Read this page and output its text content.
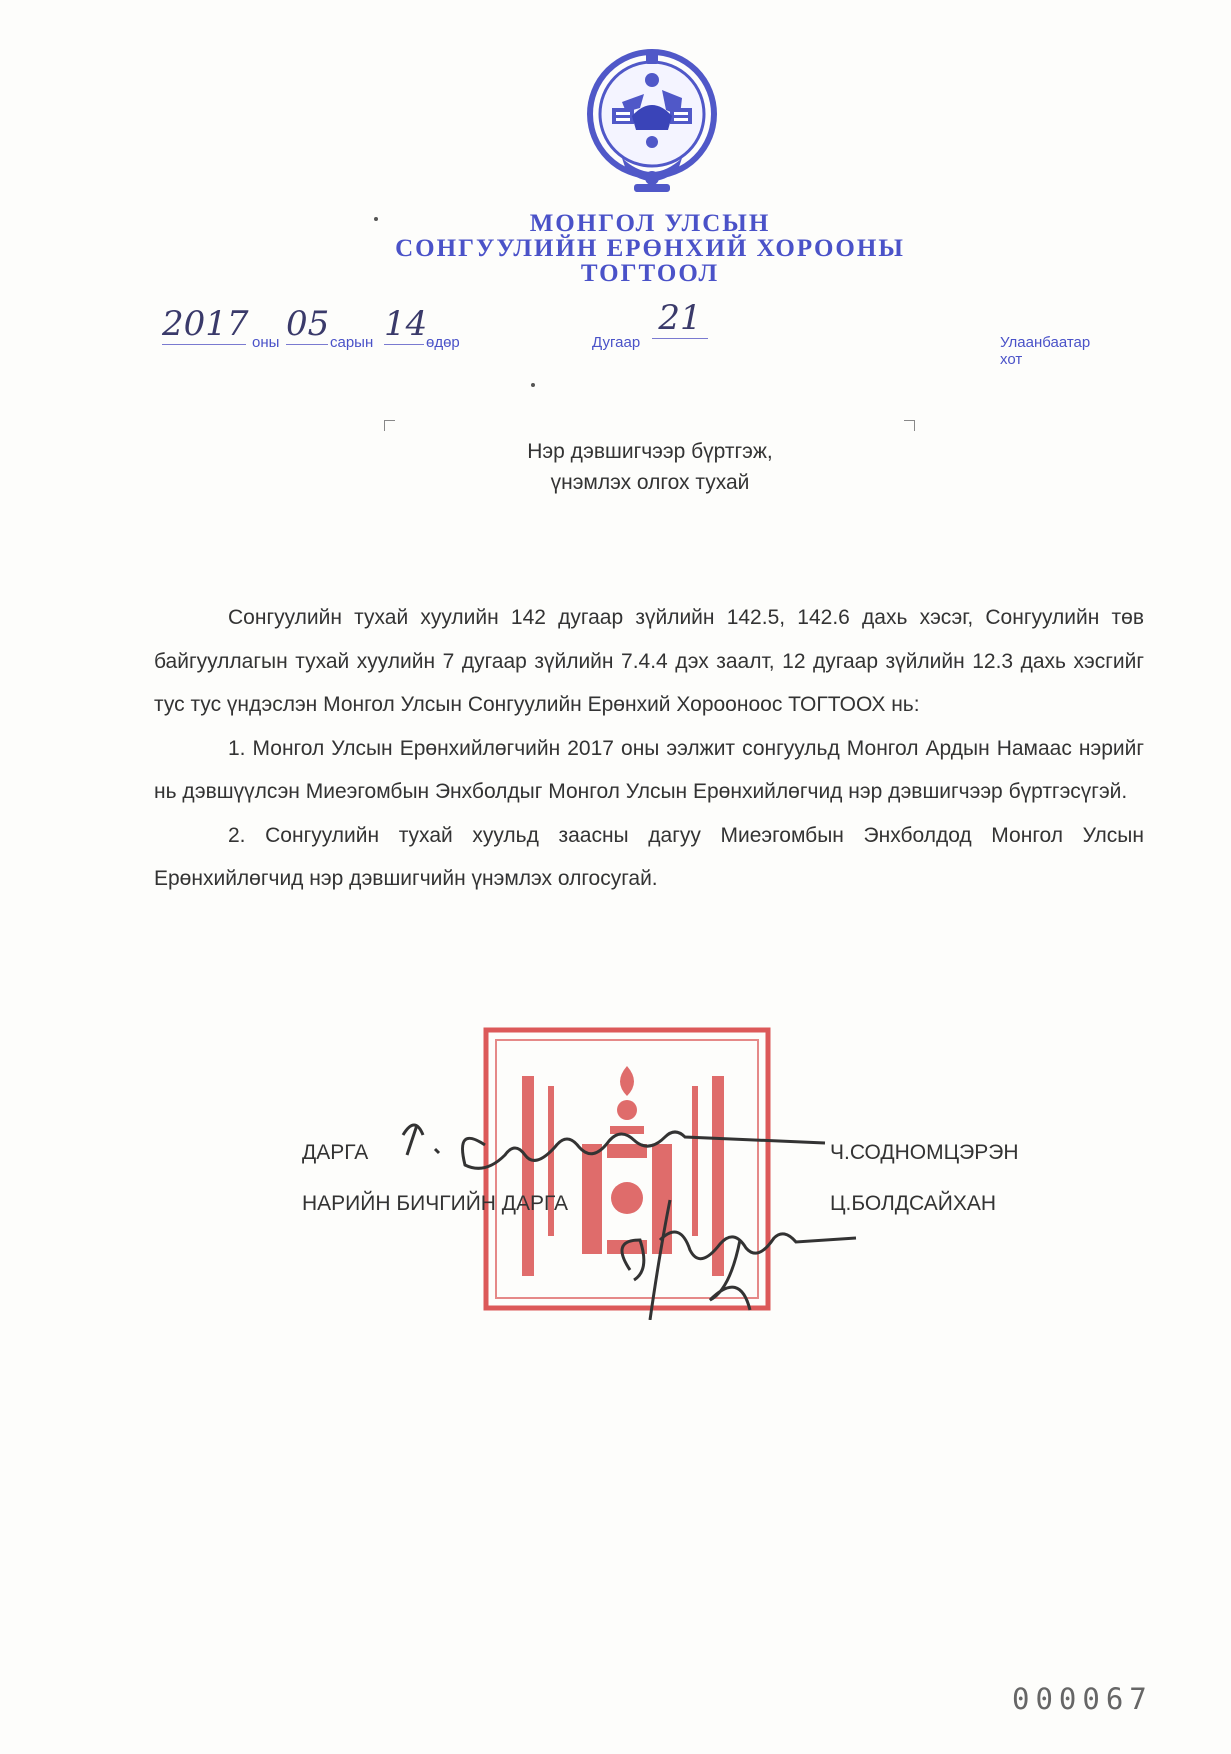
МОНГОЛ УЛСЫН
СОНГУУЛИЙН ЕРӨНХИЙ ХОРООНЫ
ТОГТООЛ
2017 оны 05 сарын 14
өдөр	Дугаар
21
Улаанбаатар хот
Нэр дэвшигчээр бүртгэж,
үнэмлэх олгох тухай

Сонгуулийн тухай хуулийн 142 дугаар зүйлийн 142.5, 142.6 дахь хэсэг, Сонгуулийн төв байгууллагын тухай хуулийн 7 дугаар зүйлийн 7.4.4 дэх заалт, 12 дугаар зүйлийн 12.3 дахь хэсгийг тус тус үндэслэн Монгол Улсын Сонгуулийн Ерөнхий Хорооноос ТОГТООХ нь:

1. Монгол Улсын Ерөнхийлөгчийн 2017 оны ээлжит сонгуульд Монгол Ардын Намаас нэрийг нь дэвшүүлсэн Миеэгомбын Энхболдыг Монгол Улсын Ерөнхийлөгчид нэр дэвшигчээр бүртгэсүгэй.

2. Сонгуулийн тухай хуульд заасны дагуу Миеэгомбын Энхболдод Монгол Улсын Ерөнхийлөгчид нэр дэвшигчийн үнэмлэх олгосугай.

ДАРГА	Ч.СОДНОМЦЭРЭН
НАРИЙН БИЧГИЙН ДАРГА	Ц.БОЛДСАЙХАН
000067
